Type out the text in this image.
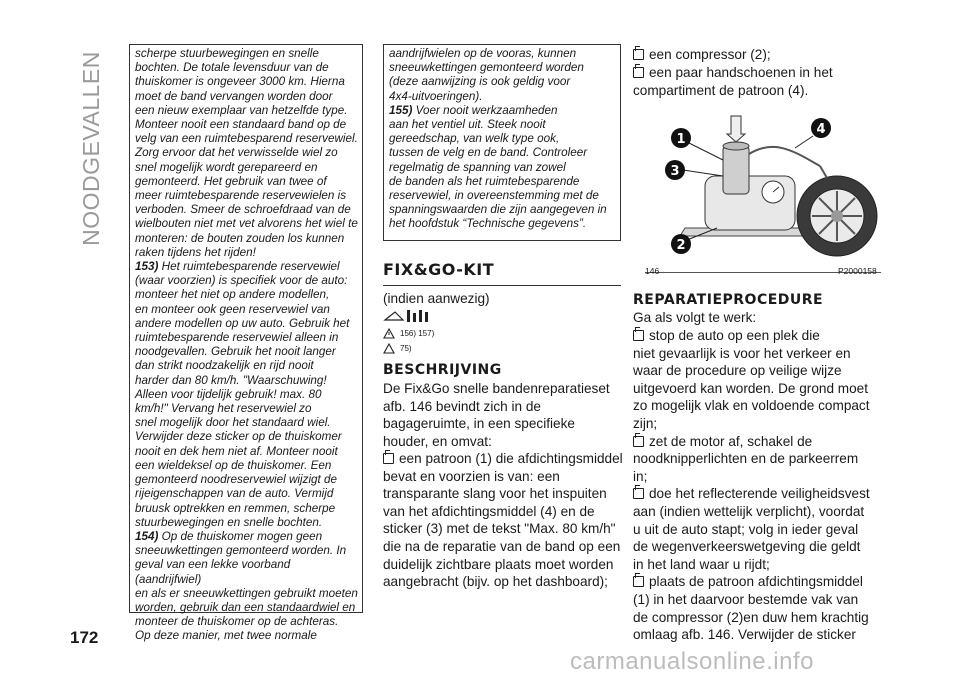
NOODGEVALLEN	scherpe stuurbewegingen en snelle
bochten. De totale levensduur van de
thuiskomer is ongeveer 3000 km. Hierna
moet de band vervangen worden door
een nieuw exemplaar van hetzelfde type.
Monteer nooit een standaard band op de
velg van een ruimtebesparend reservewiel.
Zorg ervoor dat het verwisselde wiel zo
snel mogelijk wordt gerepareerd en
gemonteerd. Het gebruik van twee of
meer ruimtebesparende reservewielen is
verboden. Smeer de schroefdraad van de
wielbouten niet met vet alvorens het wiel te
monteren: de bouten zouden los kunnen
raken tijdens het rijden!

153) Het ruimtebesparende reservewiel
(waar voorzien) is specifiek voor de auto:
monteer het niet op andere modellen,
en monteer ook geen reservewiel van
andere modellen op uw auto. Gebruik het
ruimtebesparende reservewiel alleen in
noodgevallen. Gebruik het nooit langer
dan strikt noodzakelijk en rijd nooit
harder dan 80 km/h. "Waarschuwing!
Alleen voor tijdelijk gebruik! max. 80
km/h!" Vervang het reservewiel zo
snel mogelijk door het standaard wiel.
Verwijder deze sticker op de thuiskomer
nooit en dek hem niet af. Monteer nooit
een wieldeksel op de thuiskomer. Een
gemonteerd noodreservewiel wijzigt de
rijeigenschappen van de auto. Vermijd
bruusk optrekken en remmen, scherpe
stuurbewegingen en snelle bochten.

154) Op de thuiskomer mogen geen
sneeuwkettingen gemonteerd worden. In
geval van een lekke voorband (aandrijfwiel)
en als er sneeuwkettingen gebruikt moeten
worden, gebruik dan een standaardwiel en
monteer de thuiskomer op de achteras.
Op deze manier, met twee normale

aandrijfwielen op de vooras, kunnen
sneeuwkettingen gemonteerd worden
(deze aanwijzing is ook geldig voor
4x4-uitvoeringen).

155) Voer nooit werkzaamheden
aan het ventiel uit. Steek nooit
gereedschap, van welk type ook,
tussen de velg en de band. Controleer
regelmatig de spanning van zowel
de banden als het ruimtebesparende
reservewiel, in overeenstemming met de
spanningswaarden die zijn aangegeven in
het hoofdstuk “Technische gegevens”.

FIX&GO-KIT

(indien aanwezig)

156) 157)
75)
BESCHRIJVING

De Fix&Go snelle bandenreparatieset
afb. 146 bevindt zich in de
bagageruimte, in een specifieke
houder, en omvat:

een patroon (1) die afdichtingsmiddel
bevat en voorzien is van: een
transparante slang voor het inspuiten
van het afdichtingsmiddel (4) en de
sticker (3) met de tekst "Max. 80 km/h"
die na de reparatie van de band op een
duidelijk zichtbare plaats moet worden
aangebracht (bijv. op het dashboard);

een compressor (2);

een paar handschoenen in het
compartiment de patroon (4).

1
3
2
4
146	P2000158
REPARATIEPROCEDURE

Ga als volgt te werk:

stop de auto op een plek die
niet gevaarlijk is voor het verkeer en
waar de procedure op veilige wijze
uitgevoerd kan worden. De grond moet
zo mogelijk vlak en voldoende compact
zijn;

zet de motor af, schakel de
noodknipperlichten en de parkeerrem
in;

doe het reflecterende veiligheidsvest
aan (indien wettelijk verplicht), voordat
u uit de auto stapt; volg in ieder geval
de wegenverkeerswetgeving die geldt
in het land waar u rijdt;

plaats de patroon afdichtingsmiddel
(1) in het daarvoor bestemde vak van
de compressor (2)en duw hem krachtig
omlaag afb. 146. Verwijder de sticker

172
carmanualsonline.info
